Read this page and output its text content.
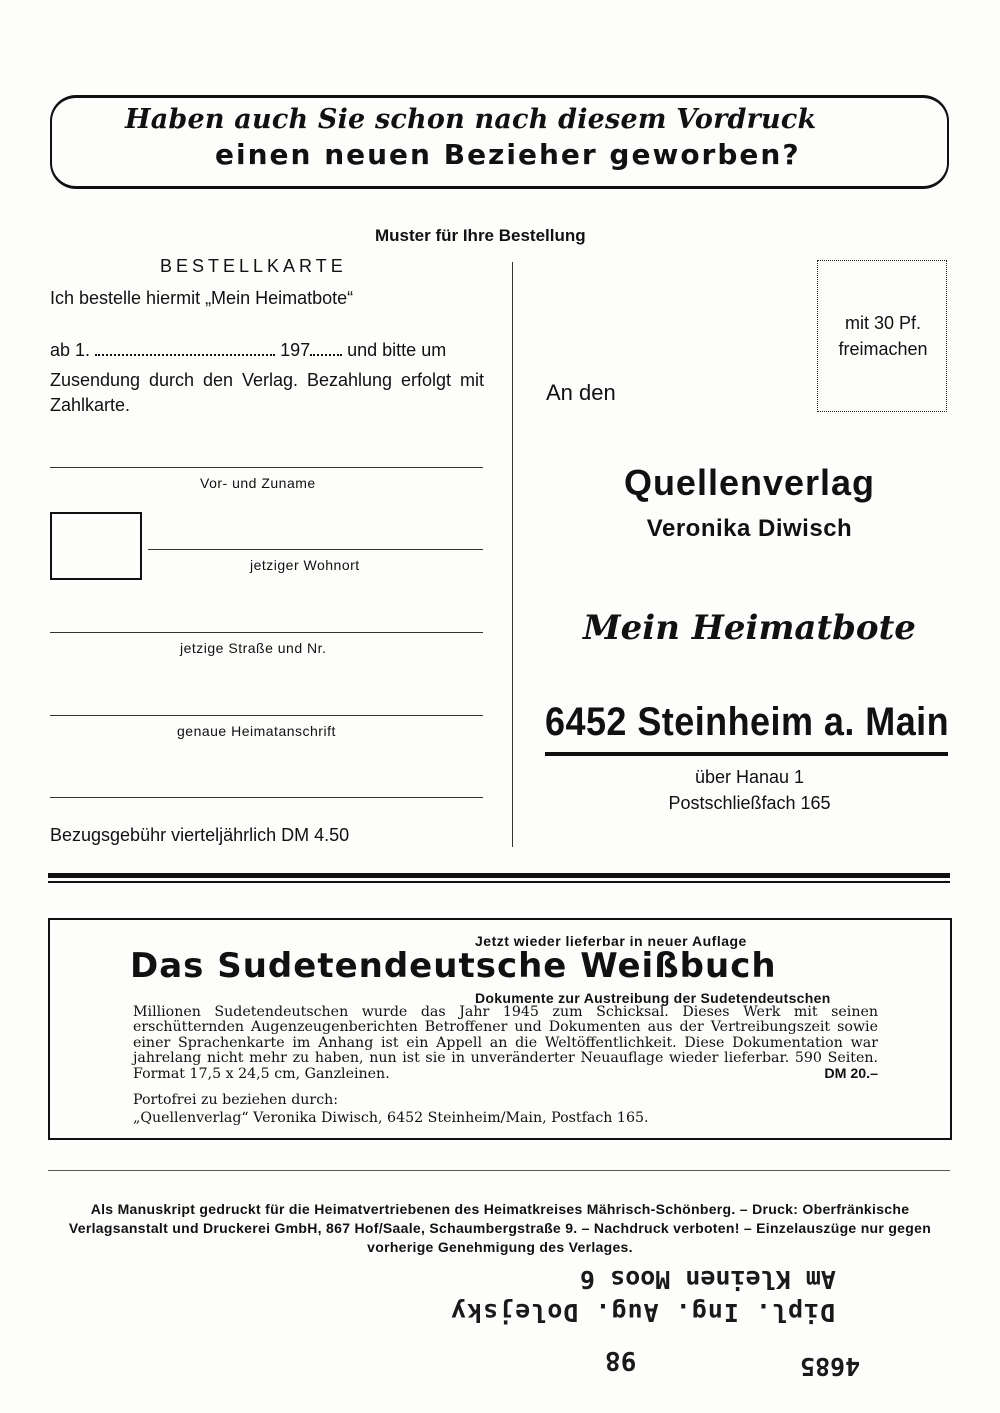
Haben auch Sie schon nach diesem Vordruck
einen neuen Bezieher geworben?
Muster für Ihre Bestellung
BESTELLKARTE
Ich bestelle hiermit „Mein Heimatbote“
ab 1.	197 und bitte um
Zusendung durch den Verlag. Bezahlung erfolgt mit Zahlkarte.
Vor- und Zuname
jetziger Wohnort
jetzige Straße und Nr.
genaue Heimatanschrift
Bezugsgebühr vierteljährlich DM 4.50
An den
mit 30 Pf.
freimachen
Quellenverlag
Veronika Diwisch
Mein Heimatbote
6452 Steinheim a. Main
über Hanau 1
Postschließfach 165
Jetzt wieder lieferbar in neuer Auflage
Das Sudetendeutsche Weißbuch
Dokumente zur Austreibung der Sudetendeutschen
Millionen Sudetendeutschen wurde das Jahr 1945 zum Schicksal. Dieses Werk mit seinen erschütternden Augenzeugenberichten Betroffener und Dokumenten aus der Vertreibungszeit sowie einer Sprachenkarte im Anhang ist ein Appell an die Weltöffentlichkeit. Diese Dokumentation war jahrelang nicht mehr zu haben, nun ist sie in unveränderter Neuauflage wieder lieferbar. 590 Seiten. Format 17,5 x 24,5 cm, Ganzleinen.	DM 20.–
Portofrei zu beziehen durch:
„Quellenverlag“ Veronika Diwisch, 6452 Steinheim/Main, Postfach 165.
Als Manuskript gedruckt für die Heimatvertriebenen des Heimatkreises Mährisch-Schönberg. – Druck: Oberfränkische Verlagsanstalt und Druckerei GmbH, 867 Hof/Saale, Schaumbergstraße 9. – Nachdruck verboten! – Einzelauszüge nur gegen vorherige Genehmigung des Verlages.
Am Kleinen Moos 6
Dipl. Ing. Aug. Dolejsky
98	4685
